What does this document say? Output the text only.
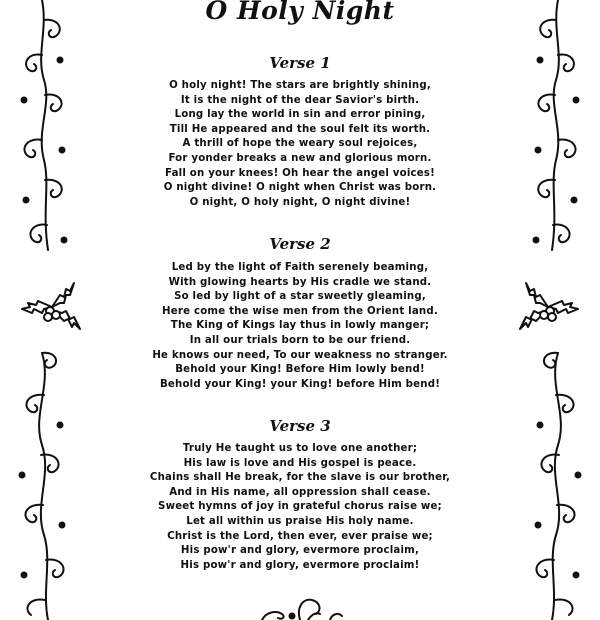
O Holy Night
Verse 1
O holy night! The stars are brightly shining,
It is the night of the dear Savior's birth.
Long lay the world in sin and error pining,
Till He appeared and the soul felt its worth.
A thrill of hope the weary soul rejoices,
For yonder breaks a new and glorious morn.
Fall on your knees! Oh hear the angel voices!
O night divine! O night when Christ was born.
O night, O holy night, O night divine!
Verse 2
Led by the light of Faith serenely beaming,
With glowing hearts by His cradle we stand.
So led by light of a star sweetly gleaming,
Here come the wise men from the Orient land.
The King of Kings lay thus in lowly manger;
In all our trials born to be our friend.
He knows our need, To our weakness no stranger.
Behold your King! Before Him lowly bend!
Behold your King! your King! before Him bend!
Verse 3
Truly He taught us to love one another;
His law is love and His gospel is peace.
Chains shall He break, for the slave is our brother,
And in His name, all oppression shall cease.
Sweet hymns of joy in grateful chorus raise we;
Let all within us praise His holy name.
Christ is the Lord, then ever, ever praise we;
His pow'r and glory, evermore proclaim,
His pow'r and glory, evermore proclaim!
